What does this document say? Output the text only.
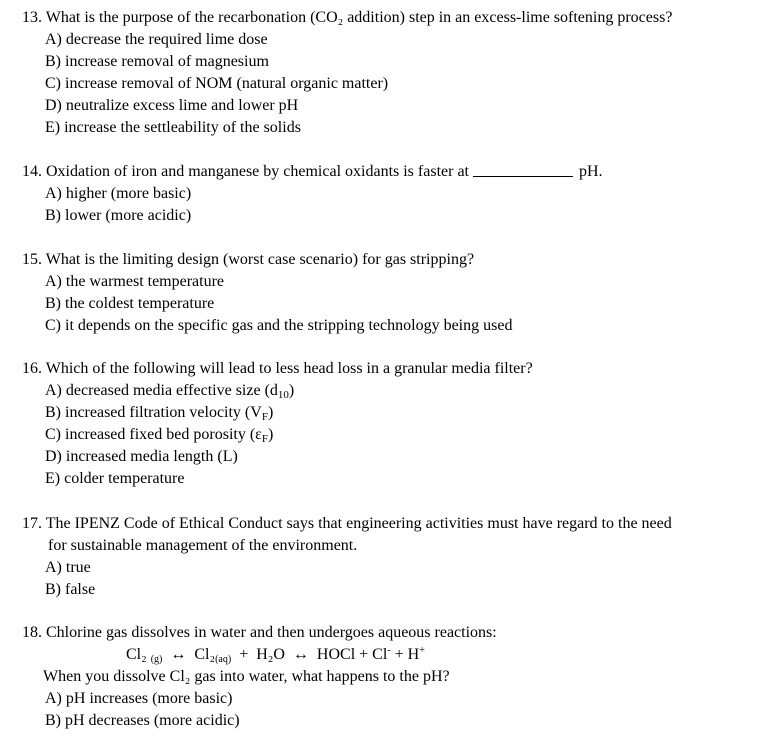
13. What is the purpose of the recarbonation (CO₂ addition) step in an excess-lime softening process?
A) decrease the required lime dose
B) increase removal of magnesium
C) increase removal of NOM (natural organic matter)
D) neutralize excess lime and lower pH
E) increase the settleability of the solids
14. Oxidation of iron and manganese by chemical oxidants is faster at	pH.
A) higher (more basic)
B) lower (more acidic)
15. What is the limiting design (worst case scenario) for gas stripping?
A) the warmest temperature
B) the coldest temperature
C) it depends on the specific gas and the stripping technology being used
16. Which of the following will lead to less head loss in a granular media filter?
A) decreased media effective size $(d_{10})$
B) increased filtration velocity $(V_F)$
C) increased fixed bed porosity $(\varepsilon_F)$
D) increased media length (L)
E) colder temperature
17. The IPENZ Code of Ethical Conduct says that engineering activities must have regard to the need
for sustainable management of the environment.
A) true
B) false
18. Chlorine gas dissolves in water and then undergoes aqueous reactions:
Cl₂ $_{(g)}$ ↔ $Cl_2_{(aq)} + H_2O$ ↔ HOCl + Cl- + H+
When you dissolve Cl₂ gas into water, what happens to the pH?
A) pH increases (more basic)
B) pH decreases (more acidic)
